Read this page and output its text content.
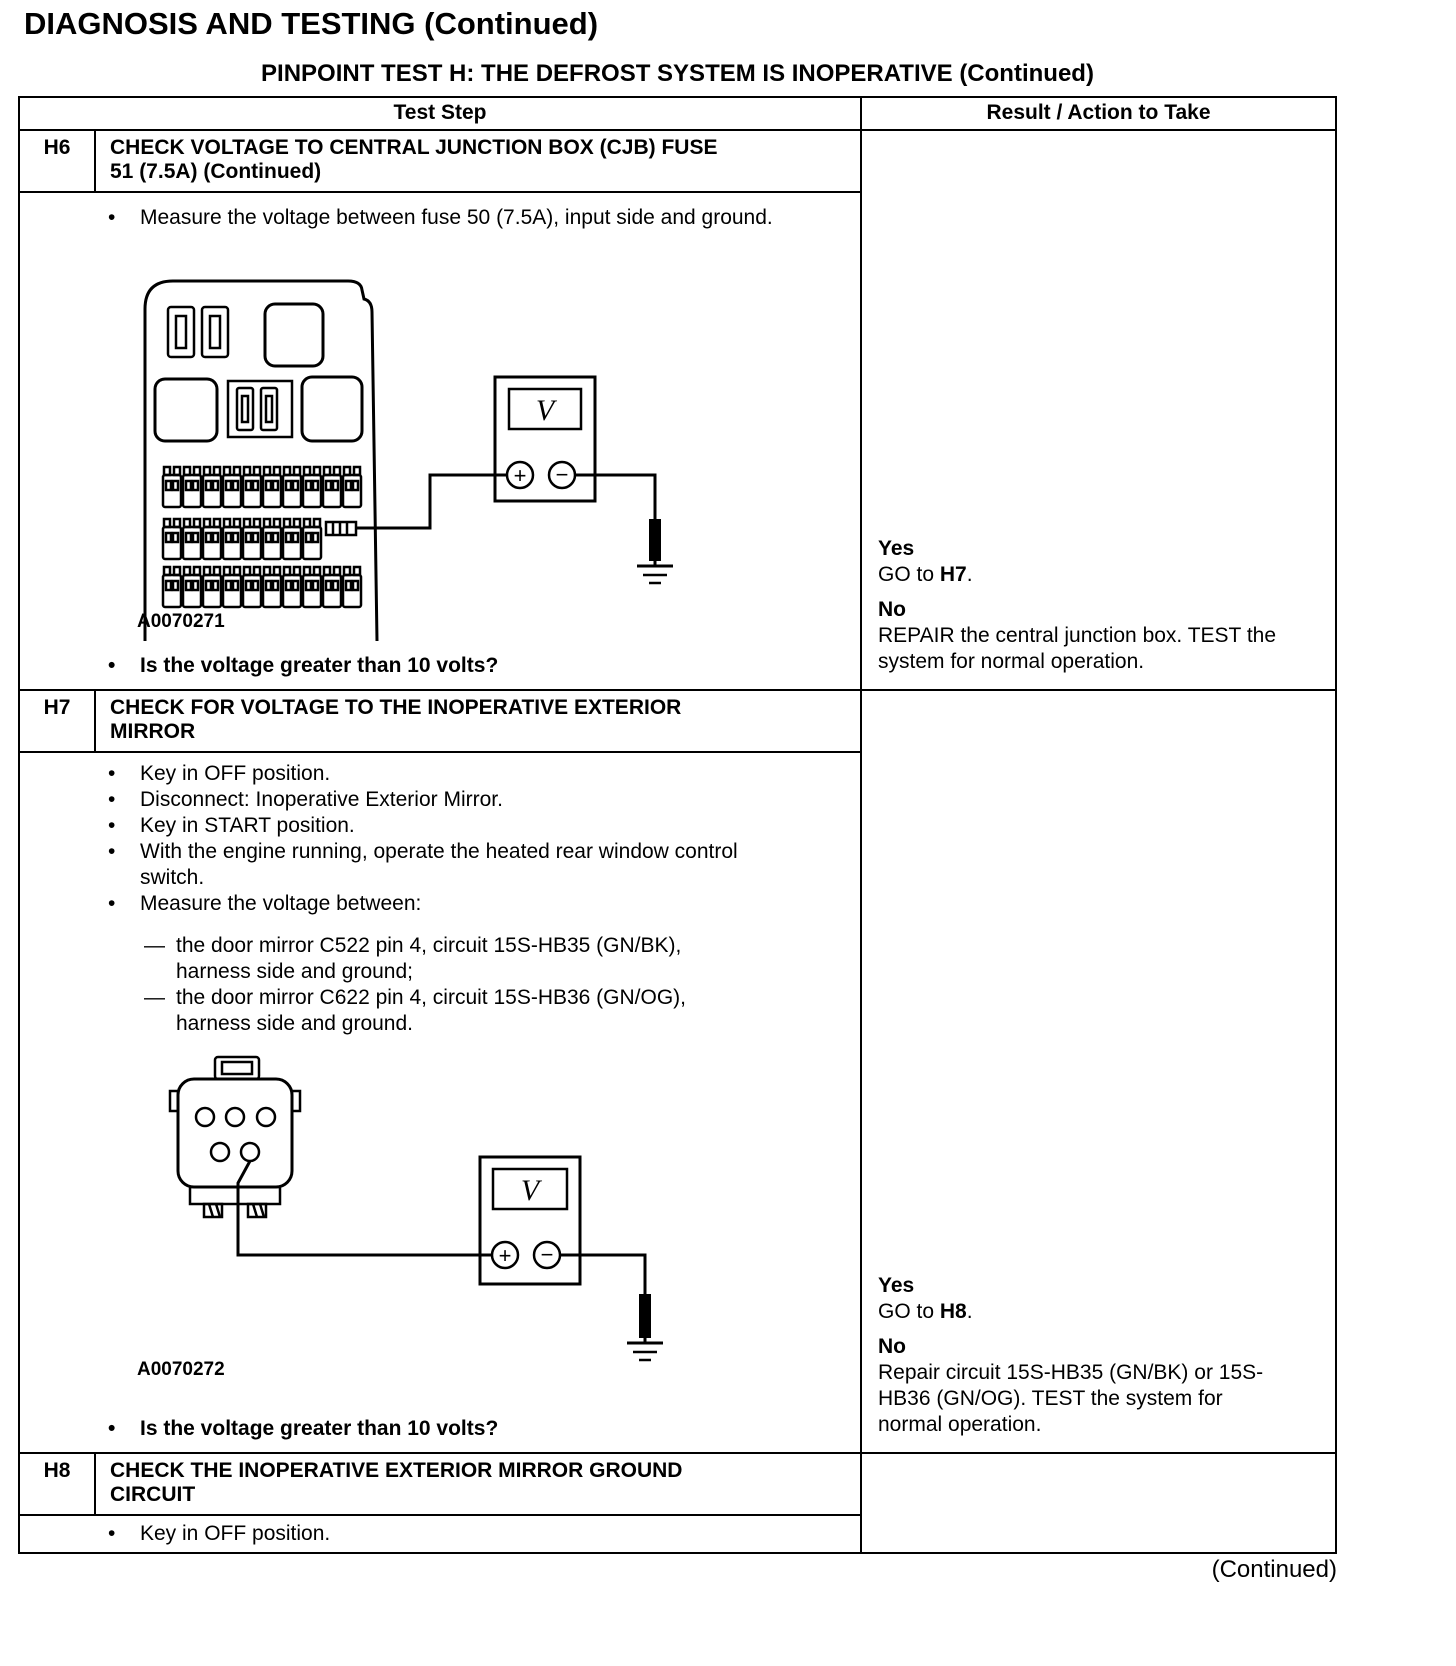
DIAGNOSIS AND TESTING (Continued)
PINPOINT TEST H: THE DEFROST SYSTEM IS INOPERATIVE (Continued)
Test Step	Result / Action to Take
H6	CHECK VOLTAGE TO CENTRAL JUNCTION BOX (CJB) FUSE
51 (7.5A) (Continued)
•	Measure the voltage between fuse 50 (7.5A), input side and ground.
V
+ −
A0070271
•	Is the voltage greater than 10 volts?
Yes
GO to H7.
No
REPAIR the central junction box. TEST the system for normal operation.
H7	CHECK FOR VOLTAGE TO THE INOPERATIVE EXTERIOR
MIRROR
•	Key in OFF position.
•	Disconnect: Inoperative Exterior Mirror.
•	Key in START position.
•	With the engine running, operate the heated rear window control switch.
•	Measure the voltage between:
— the door mirror C522 pin 4, circuit 15S-HB35 (GN/BK), harness side and ground;
— the door mirror C622 pin 4, circuit 15S-HB36 (GN/OG), harness side and ground.
V
+ −
A0070272
•	Is the voltage greater than 10 volts?
Yes
GO to H8.
No
Repair circuit 15S-HB35 (GN/BK) or 15S-HB36 (GN/OG). TEST the system for normal operation.
H8	CHECK THE INOPERATIVE EXTERIOR MIRROR GROUND
CIRCUIT
•	Key in OFF position.
(Continued)
